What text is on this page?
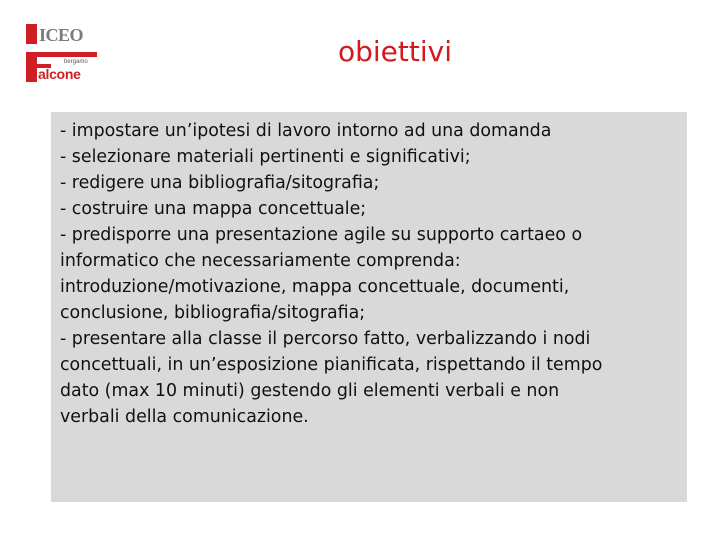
ICEO
bergamo
alcone
obiettivi

- impostare un’ipotesi di lavoro intorno ad una domanda

- selezionare materiali pertinenti e significativi;

- redigere una bibliografia/sitografia;

- costruire una mappa concettuale;

- predisporre una presentazione agile su supporto cartaeo o

informatico che necessariamente comprenda:

introduzione/motivazione, mappa concettuale, documenti,

conclusione, bibliografia/sitografia;

- presentare alla classe il percorso fatto, verbalizzando i nodi

concettuali, in un’esposizione pianificata, rispettando il tempo

dato (max 10 minuti) gestendo gli elementi verbali e non

verbali della comunicazione.
